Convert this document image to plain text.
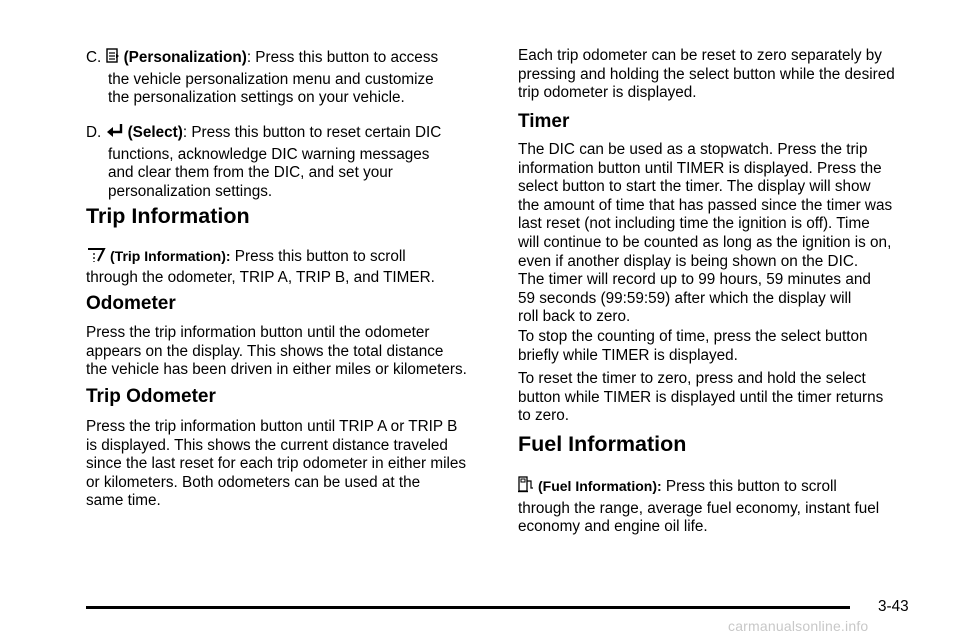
C. (Personalization): Press this button to access

the vehicle personalization menu and customize

the personalization settings on your vehicle.

D. (Select): Press this button to reset certain DIC

functions, acknowledge DIC warning messages

and clear them from the DIC, and set your

personalization settings.

Trip Information

(Trip Information): Press this button to scroll

through the odometer, TRIP A, TRIP B, and TIMER.

Odometer

Press the trip information button until the odometer

appears on the display. This shows the total distance

the vehicle has been driven in either miles or kilometers.

Trip Odometer

Press the trip information button until TRIP A or TRIP B

is displayed. This shows the current distance traveled

since the last reset for each trip odometer in either miles

or kilometers. Both odometers can be used at the

same time.

Each trip odometer can be reset to zero separately by

pressing and holding the select button while the desired

trip odometer is displayed.

Timer

The DIC can be used as a stopwatch. Press the trip

information button until TIMER is displayed. Press the

select button to start the timer. The display will show

the amount of time that has passed since the timer was

last reset (not including time the ignition is off). Time

will continue to be counted as long as the ignition is on,

even if another display is being shown on the DIC.

The timer will record up to 99 hours, 59 minutes and

59 seconds (99:59:59) after which the display will

roll back to zero.

To stop the counting of time, press the select button

briefly while TIMER is displayed.

To reset the timer to zero, press and hold the select

button while TIMER is displayed until the timer returns

to zero.

Fuel Information

(Fuel Information): Press this button to scroll

through the range, average fuel economy, instant fuel

economy and engine oil life.

3-43
carmanualsonline.info
